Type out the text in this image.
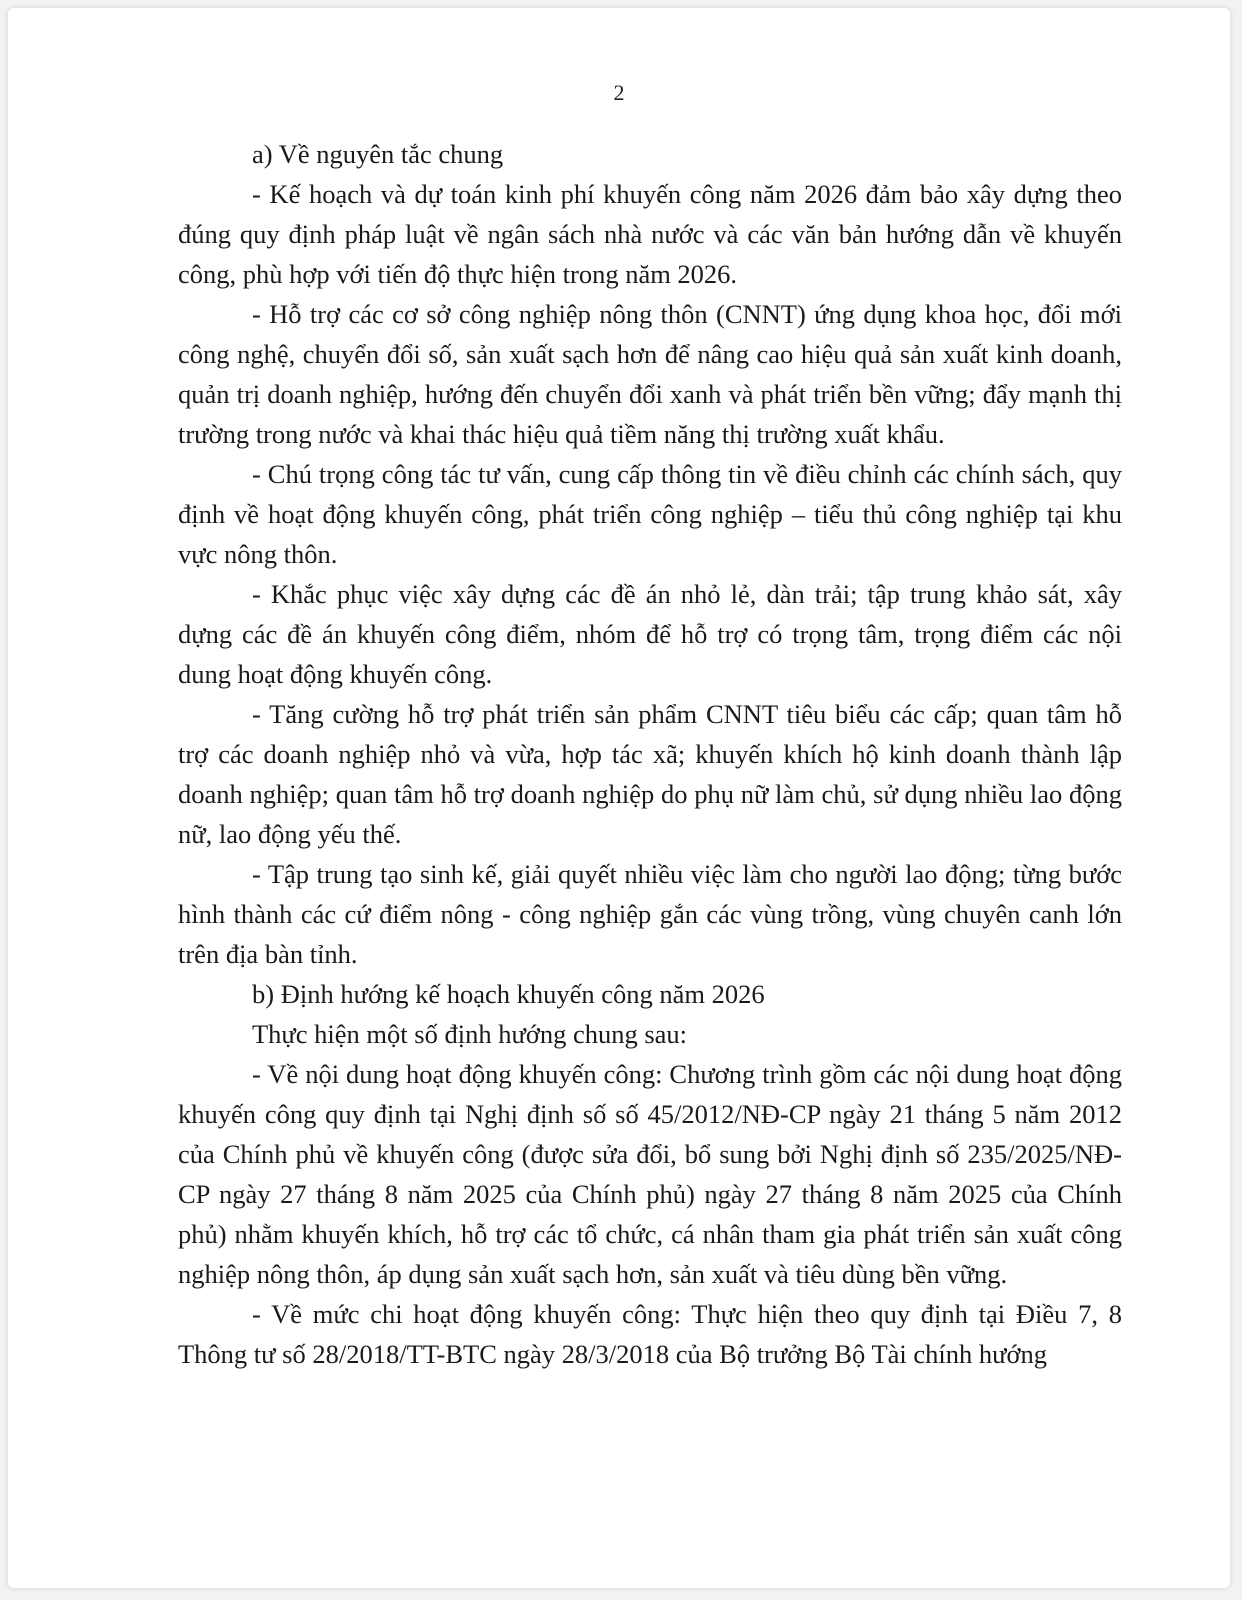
2

a) Về nguyên tắc chung

- Kế hoạch và dự toán kinh phí khuyến công năm 2026 đảm bảo xây dựng theo đúng quy định pháp luật về ngân sách nhà nước và các văn bản hướng dẫn về khuyến công, phù hợp với tiến độ thực hiện trong năm 2026.

- Hỗ trợ các cơ sở công nghiệp nông thôn (CNNT) ứng dụng khoa học, đổi mới công nghệ, chuyển đổi số, sản xuất sạch hơn để nâng cao hiệu quả sản xuất kinh doanh, quản trị doanh nghiệp, hướng đến chuyển đổi xanh và phát triển bền vững; đẩy mạnh thị trường trong nước và khai thác hiệu quả tiềm năng thị trường xuất khẩu.

- Chú trọng công tác tư vấn, cung cấp thông tin về điều chỉnh các chính sách, quy định về hoạt động khuyến công, phát triển công nghiệp – tiểu thủ công nghiệp tại khu vực nông thôn.

- Khắc phục việc xây dựng các đề án nhỏ lẻ, dàn trải; tập trung khảo sát, xây dựng các đề án khuyến công điểm, nhóm để hỗ trợ có trọng tâm, trọng điểm các nội dung hoạt động khuyến công.

- Tăng cường hỗ trợ phát triển sản phẩm CNNT tiêu biểu các cấp; quan tâm hỗ trợ các doanh nghiệp nhỏ và vừa, hợp tác xã; khuyến khích hộ kinh doanh thành lập doanh nghiệp; quan tâm hỗ trợ doanh nghiệp do phụ nữ làm chủ, sử dụng nhiều lao động nữ, lao động yếu thế.

- Tập trung tạo sinh kế, giải quyết nhiều việc làm cho người lao động; từng bước hình thành các cứ điểm nông - công nghiệp gắn các vùng trồng, vùng chuyên canh lớn trên địa bàn tỉnh.

b) Định hướng kế hoạch khuyến công năm 2026

Thực hiện một số định hướng chung sau:

- Về nội dung hoạt động khuyến công: Chương trình gồm các nội dung hoạt động khuyến công quy định tại Nghị định số số 45/2012/NĐ-CP ngày 21 tháng 5 năm 2012 của Chính phủ về khuyến công (được sửa đổi, bổ sung bởi Nghị định số 235/2025/NĐ-CP ngày 27 tháng 8 năm 2025 của Chính phủ) ngày 27 tháng 8 năm 2025 của Chính phủ) nhằm khuyến khích, hỗ trợ các tổ chức, cá nhân tham gia phát triển sản xuất công nghiệp nông thôn, áp dụng sản xuất sạch hơn, sản xuất và tiêu dùng bền vững.

- Về mức chi hoạt động khuyến công: Thực hiện theo quy định tại Điều 7, 8 Thông tư số 28/2018/TT-BTC ngày 28/3/2018 của Bộ trưởng Bộ Tài chính hướng
